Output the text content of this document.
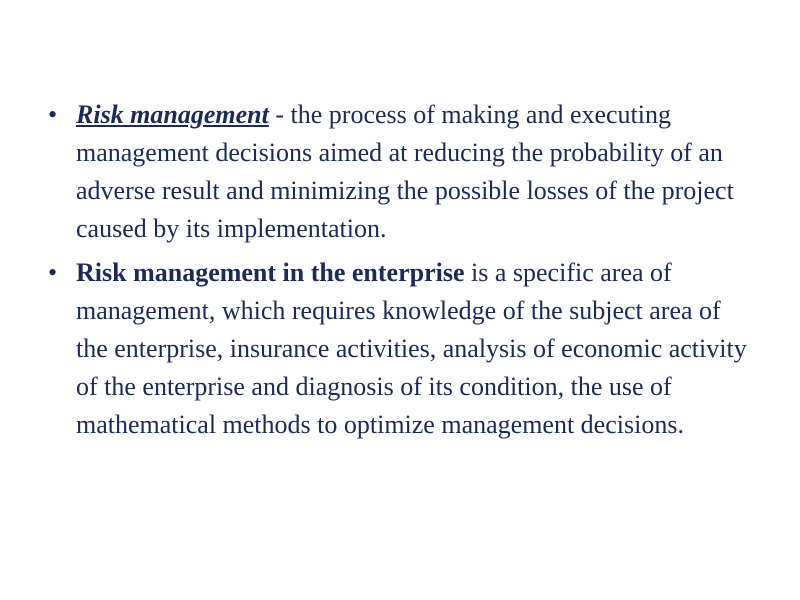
• Risk management - the process of making and executing management decisions aimed at reducing the probability of an adverse result and minimizing the possible losses of the project caused by its implementation.
• Risk management in the enterprise is a specific area of management, which requires knowledge of the subject area of the enterprise, insurance activities, analysis of economic activity of the enterprise and diagnosis of its condition, the use of mathematical methods to optimize management decisions.
